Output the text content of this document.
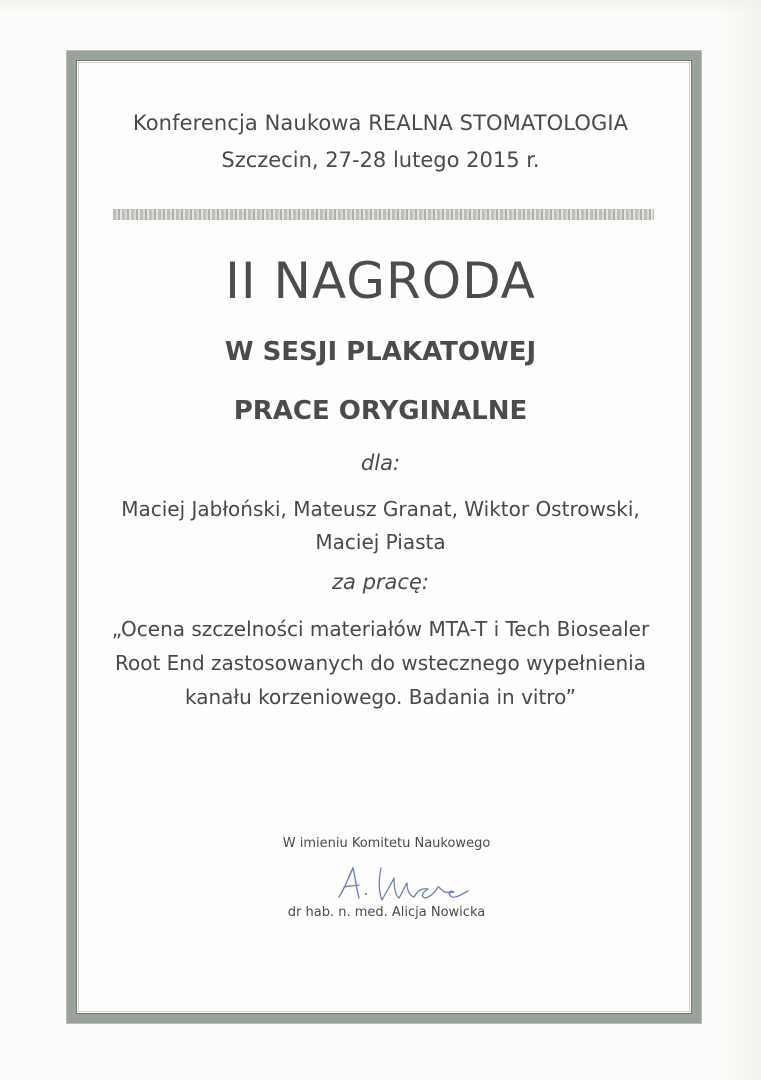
Konferencja Naukowa REALNA STOMATOLOGIA
Szczecin, 27-28 lutego 2015 r.
II NAGRODA
W SESJI PLAKATOWEJ
PRACE ORYGINALNE
dla:
Maciej Jabłoński, Mateusz Granat, Wiktor Ostrowski,
Maciej Piasta
za pracę:
„Ocena szczelności materiałów MTA-T i Tech Biosealer
Root End zastosowanych do wstecznego wypełnienia
kanału korzeniowego. Badania in vitro”
W imieniu Komitetu Naukowego
dr hab. n. med. Alicja Nowicka
